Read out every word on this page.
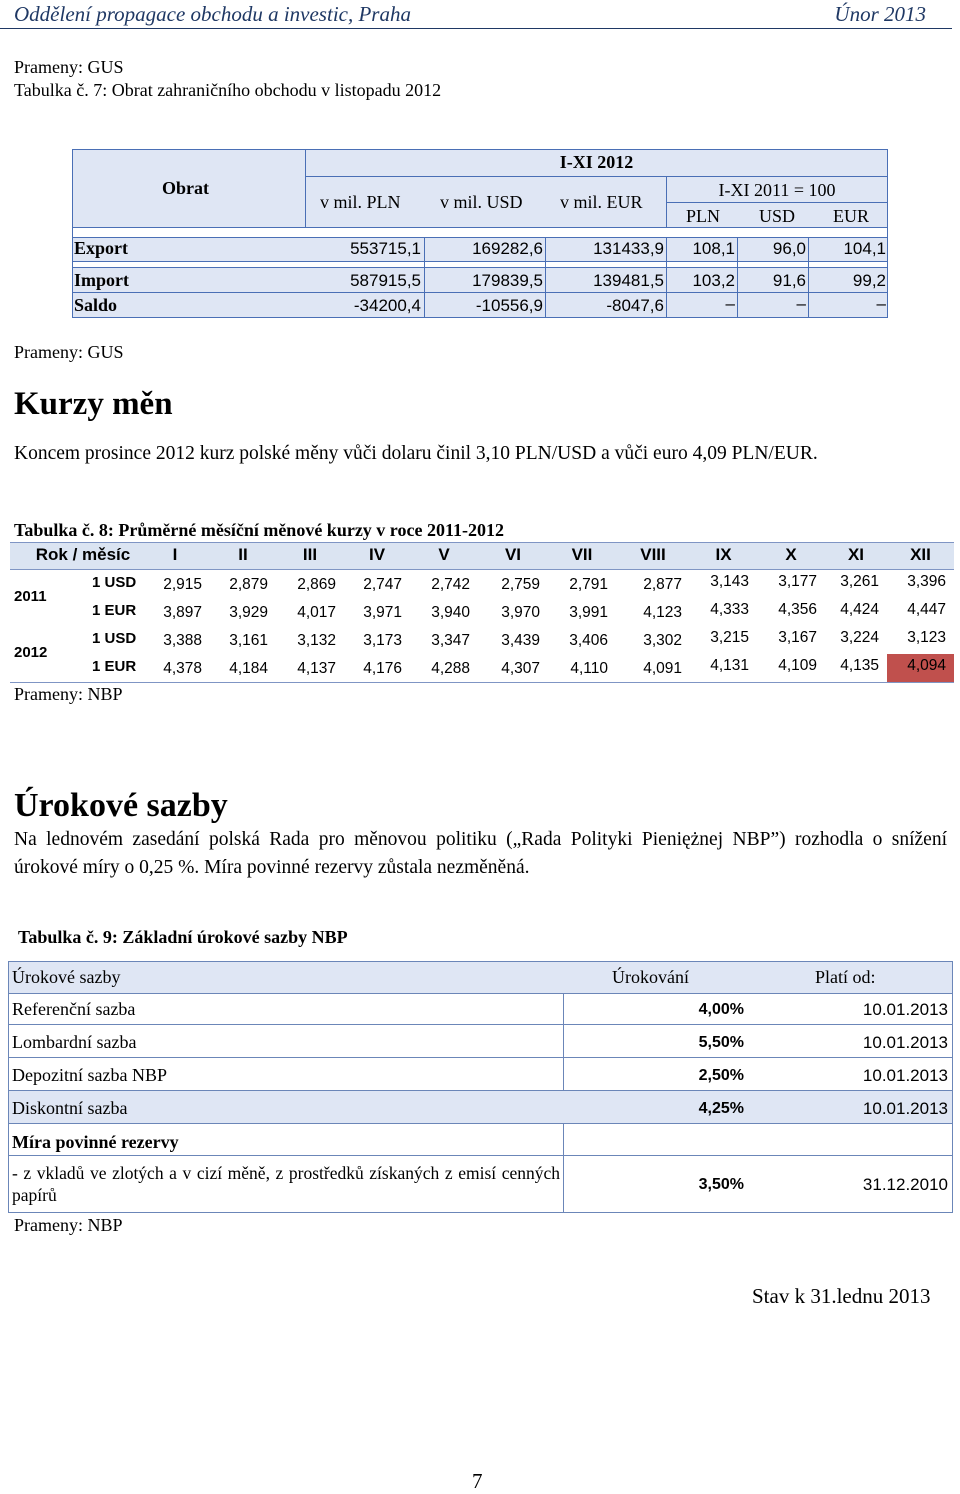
Oddělení propagace obchodu a investic, Praha	Únor 2013
Prameny: GUS
Tabulka č. 7: Obrat zahraničního obchodu v listopadu 2012
Obrat
I-XI 2012
v mil. PLN v mil. USD v mil. EUR
I-XI 2011 = 100
PLN	USD	EUR
Export	553715,1	169282,6	131433,9	108,1	96,0	104,1
Import	587915,5	179839,5	139481,5	103,2	91,6	99,2
Saldo	-34200,4	-10556,9	-8047,6	–	–	–
Prameny: GUS
Kurzy měn
Koncem prosince 2012 kurz polské měny vůči dolaru činil 3,10 PLN/USD a vůči euro 4,09 PLN/EUR.
Tabulka č. 8: Průměrné měsíční měnové kurzy v roce 2011-2012
Rok / měsíc	I	II	III	IV	V	VI	VII	VIII	IX	X	XI	XII
2011
1 USD	2,915	2,879	2,869	2,747	2,742	2,759	2,791	2,877	3,143	3,177	3,261	3,396
1 EUR	3,897	3,929	4,017	3,971	3,940	3,970	3,991	4,123	4,333	4,356	4,424	4,447
2012
1 USD	3,388	3,161	3,132	3,173	3,347	3,439	3,406	3,302	3,215	3,167	3,224	3,123
1 EUR	4,378	4,184	4,137	4,176	4,288	4,307	4,110	4,091	4,131	4,109	4,135	4,094
Prameny: NBP
Úrokové sazby
Na lednovém zasedání polská Rada pro měnovou politiku („Rada Polityki Pieniężnej NBP”) rozhodla o snížení úrokové míry o 0,25 %. Míra povinné rezervy zůstala nezměněná.
Tabulka č. 9: Základní úrokové sazby NBP
Úrokové sazby	Úrokování	Platí od:
Referenční sazba	4,00%	10.01.2013
Lombardní sazba	5,50%	10.01.2013
Depozitní sazba NBP	2,50%	10.01.2013
Diskontní sazba	4,25%	10.01.2013
Míra povinné rezervy
- z vkladů ve zlotých a v cizí měně, z prostředků získaných z emisí cenných papírů
3,50%	31.12.2010
Prameny: NBP
Stav k 31.lednu 2013
7
